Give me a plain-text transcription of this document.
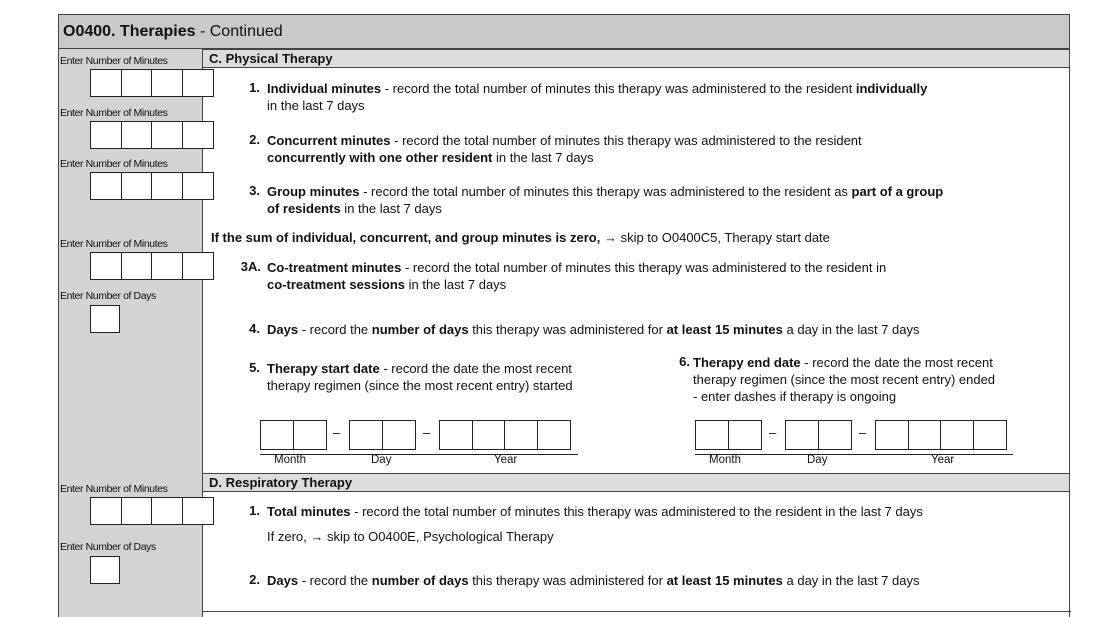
O0400. Therapies - Continued
Enter Number of Minutes
Enter Number of Minutes
Enter Number of Minutes
Enter Number of Minutes
Enter Number of Days
Enter Number of Minutes
Enter Number of Days
C. Physical Therapy
1. Individual minutes - record the total number of minutes this therapy was administered to the resident individually
in the last 7 days
2. Concurrent minutes - record the total number of minutes this therapy was administered to the resident
concurrently with one other resident in the last 7 days
3. Group minutes - record the total number of minutes this therapy was administered to the resident as part of a group
of residents in the last 7 days
If the sum of individual, concurrent, and group minutes is zero, → skip to O0400C5, Therapy start date
3A. Co-treatment minutes - record the total number of minutes this therapy was administered to the resident in
co-treatment sessions in the last 7 days
4. Days - record the number of days this therapy was administered for at least 15 minutes a day in the last 7 days
5. Therapy start date - record the date the most recent
therapy regimen (since the most recent entry) started
6. Therapy end date - record the date the most recent
therapy regimen (since the most recent entry) ended
- enter dashes if therapy is ongoing
–	–
Month	Day	Year
–	–
Month	Day	Year
D. Respiratory Therapy
1. Total minutes - record the total number of minutes this therapy was administered to the resident in the last 7 days
If zero, → skip to O0400E, Psychological Therapy
2. Days - record the number of days this therapy was administered for at least 15 minutes a day in the last 7 days
